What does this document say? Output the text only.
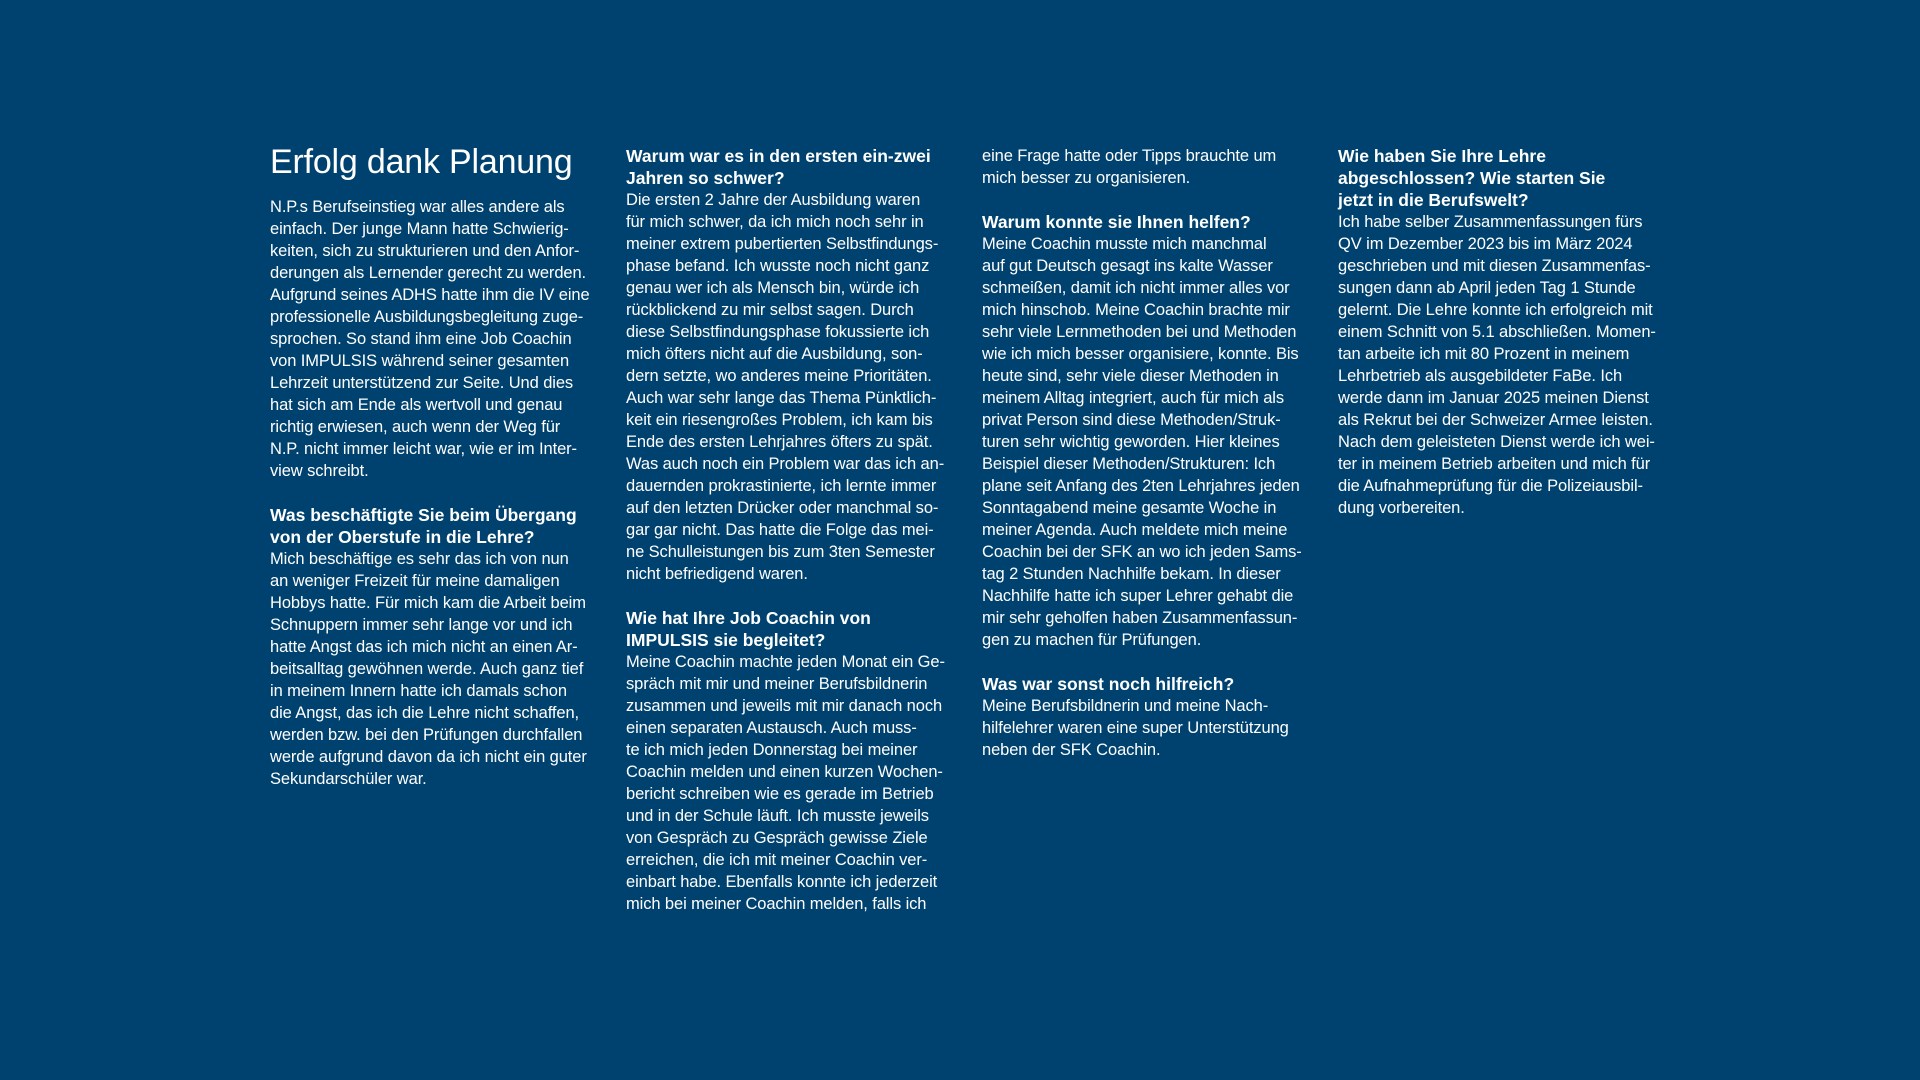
Erfolg dank Planung

N.P.s Berufseinstieg war alles andere als
einfach. Der junge Mann hatte Schwierig-
keiten, sich zu strukturieren und den Anfor-
derungen als Lernender gerecht zu werden.
Aufgrund seines ADHS hatte ihm die IV eine
professionelle Ausbildungsbegleitung zuge-
sprochen. So stand ihm eine Job Coachin
von IMPULSIS während seiner gesamten
Lehrzeit unterstützend zur Seite. Und dies
hat sich am Ende als wertvoll und genau
richtig erwiesen, auch wenn der Weg für
N.P. nicht immer leicht war, wie er im Inter-
view schreibt.

Was beschäftigte Sie beim Übergang
von der Oberstufe in die Lehre?

Mich beschäftige es sehr das ich von nun
an weniger Freizeit für meine damaligen
Hobbys hatte. Für mich kam die Arbeit beim
Schnuppern immer sehr lange vor und ich
hatte Angst das ich mich nicht an einen Ar-
beitsalltag gewöhnen werde. Auch ganz tief
in meinem Innern hatte ich damals schon
die Angst, das ich die Lehre nicht schaffen,
werden bzw. bei den Prüfungen durchfallen
werde aufgrund davon da ich nicht ein guter
Sekundarschüler war.

Warum war es in den ersten ein-zwei
Jahren so schwer?

Die ersten 2 Jahre der Ausbildung waren
für mich schwer, da ich mich noch sehr in
meiner extrem pubertierten Selbstfindungs-
phase befand. Ich wusste noch nicht ganz
genau wer ich als Mensch bin, würde ich
rückblickend zu mir selbst sagen. Durch
diese Selbstfindungsphase fokussierte ich
mich öfters nicht auf die Ausbildung, son-
dern setzte, wo anderes meine Prioritäten.
Auch war sehr lange das Thema Pünktlich-
keit ein riesengroßes Problem, ich kam bis
Ende des ersten Lehrjahres öfters zu spät.
Was auch noch ein Problem war das ich an-
dauernden prokrastinierte, ich lernte immer
auf den letzten Drücker oder manchmal so-
gar gar nicht. Das hatte die Folge das mei-
ne Schulleistungen bis zum 3ten Semester
nicht befriedigend waren.

Wie hat Ihre Job Coachin von
IMPULSIS sie begleitet?

Meine Coachin machte jeden Monat ein Ge-
spräch mit mir und meiner Berufsbildnerin
zusammen und jeweils mit mir danach noch
einen separaten Austausch. Auch muss-
te ich mich jeden Donnerstag bei meiner
Coachin melden und einen kurzen Wochen-
bericht schreiben wie es gerade im Betrieb
und in der Schule läuft. Ich musste jeweils
von Gespräch zu Gespräch gewisse Ziele
erreichen, die ich mit meiner Coachin ver-
einbart habe. Ebenfalls konnte ich jederzeit
mich bei meiner Coachin melden, falls ich

eine Frage hatte oder Tipps brauchte um
mich besser zu organisieren.

Warum konnte sie Ihnen helfen?

Meine Coachin musste mich manchmal
auf gut Deutsch gesagt ins kalte Wasser
schmeißen, damit ich nicht immer alles vor
mich hinschob. Meine Coachin brachte mir
sehr viele Lernmethoden bei und Methoden
wie ich mich besser organisiere, konnte. Bis
heute sind, sehr viele dieser Methoden in
meinem Alltag integriert, auch für mich als
privat Person sind diese Methoden/Struk-
turen sehr wichtig geworden. Hier kleines
Beispiel dieser Methoden/Strukturen: Ich
plane seit Anfang des 2ten Lehrjahres jeden
Sonntagabend meine gesamte Woche in
meiner Agenda. Auch meldete mich meine
Coachin bei der SFK an wo ich jeden Sams-
tag 2 Stunden Nachhilfe bekam. In dieser
Nachhilfe hatte ich super Lehrer gehabt die
mir sehr geholfen haben Zusammenfassun-
gen zu machen für Prüfungen.

Was war sonst noch hilfreich?

Meine Berufsbildnerin und meine Nach-
hilfelehrer waren eine super Unterstützung
neben der SFK Coachin.

Wie haben Sie Ihre Lehre
abgeschlossen? Wie starten Sie
jetzt in die Berufswelt?

Ich habe selber Zusammenfassungen fürs
QV im Dezember 2023 bis im März 2024
geschrieben und mit diesen Zusammenfas-
sungen dann ab April jeden Tag 1 Stunde
gelernt. Die Lehre konnte ich erfolgreich mit
einem Schnitt von 5.1 abschließen. Momen-
tan arbeite ich mit 80 Prozent in meinem
Lehrbetrieb als ausgebildeter FaBe. Ich
werde dann im Januar 2025 meinen Dienst
als Rekrut bei der Schweizer Armee leisten.
Nach dem geleisteten Dienst werde ich wei-
ter in meinem Betrieb arbeiten und mich für
die Aufnahmeprüfung für die Polizeiausbil-
dung vorbereiten.
